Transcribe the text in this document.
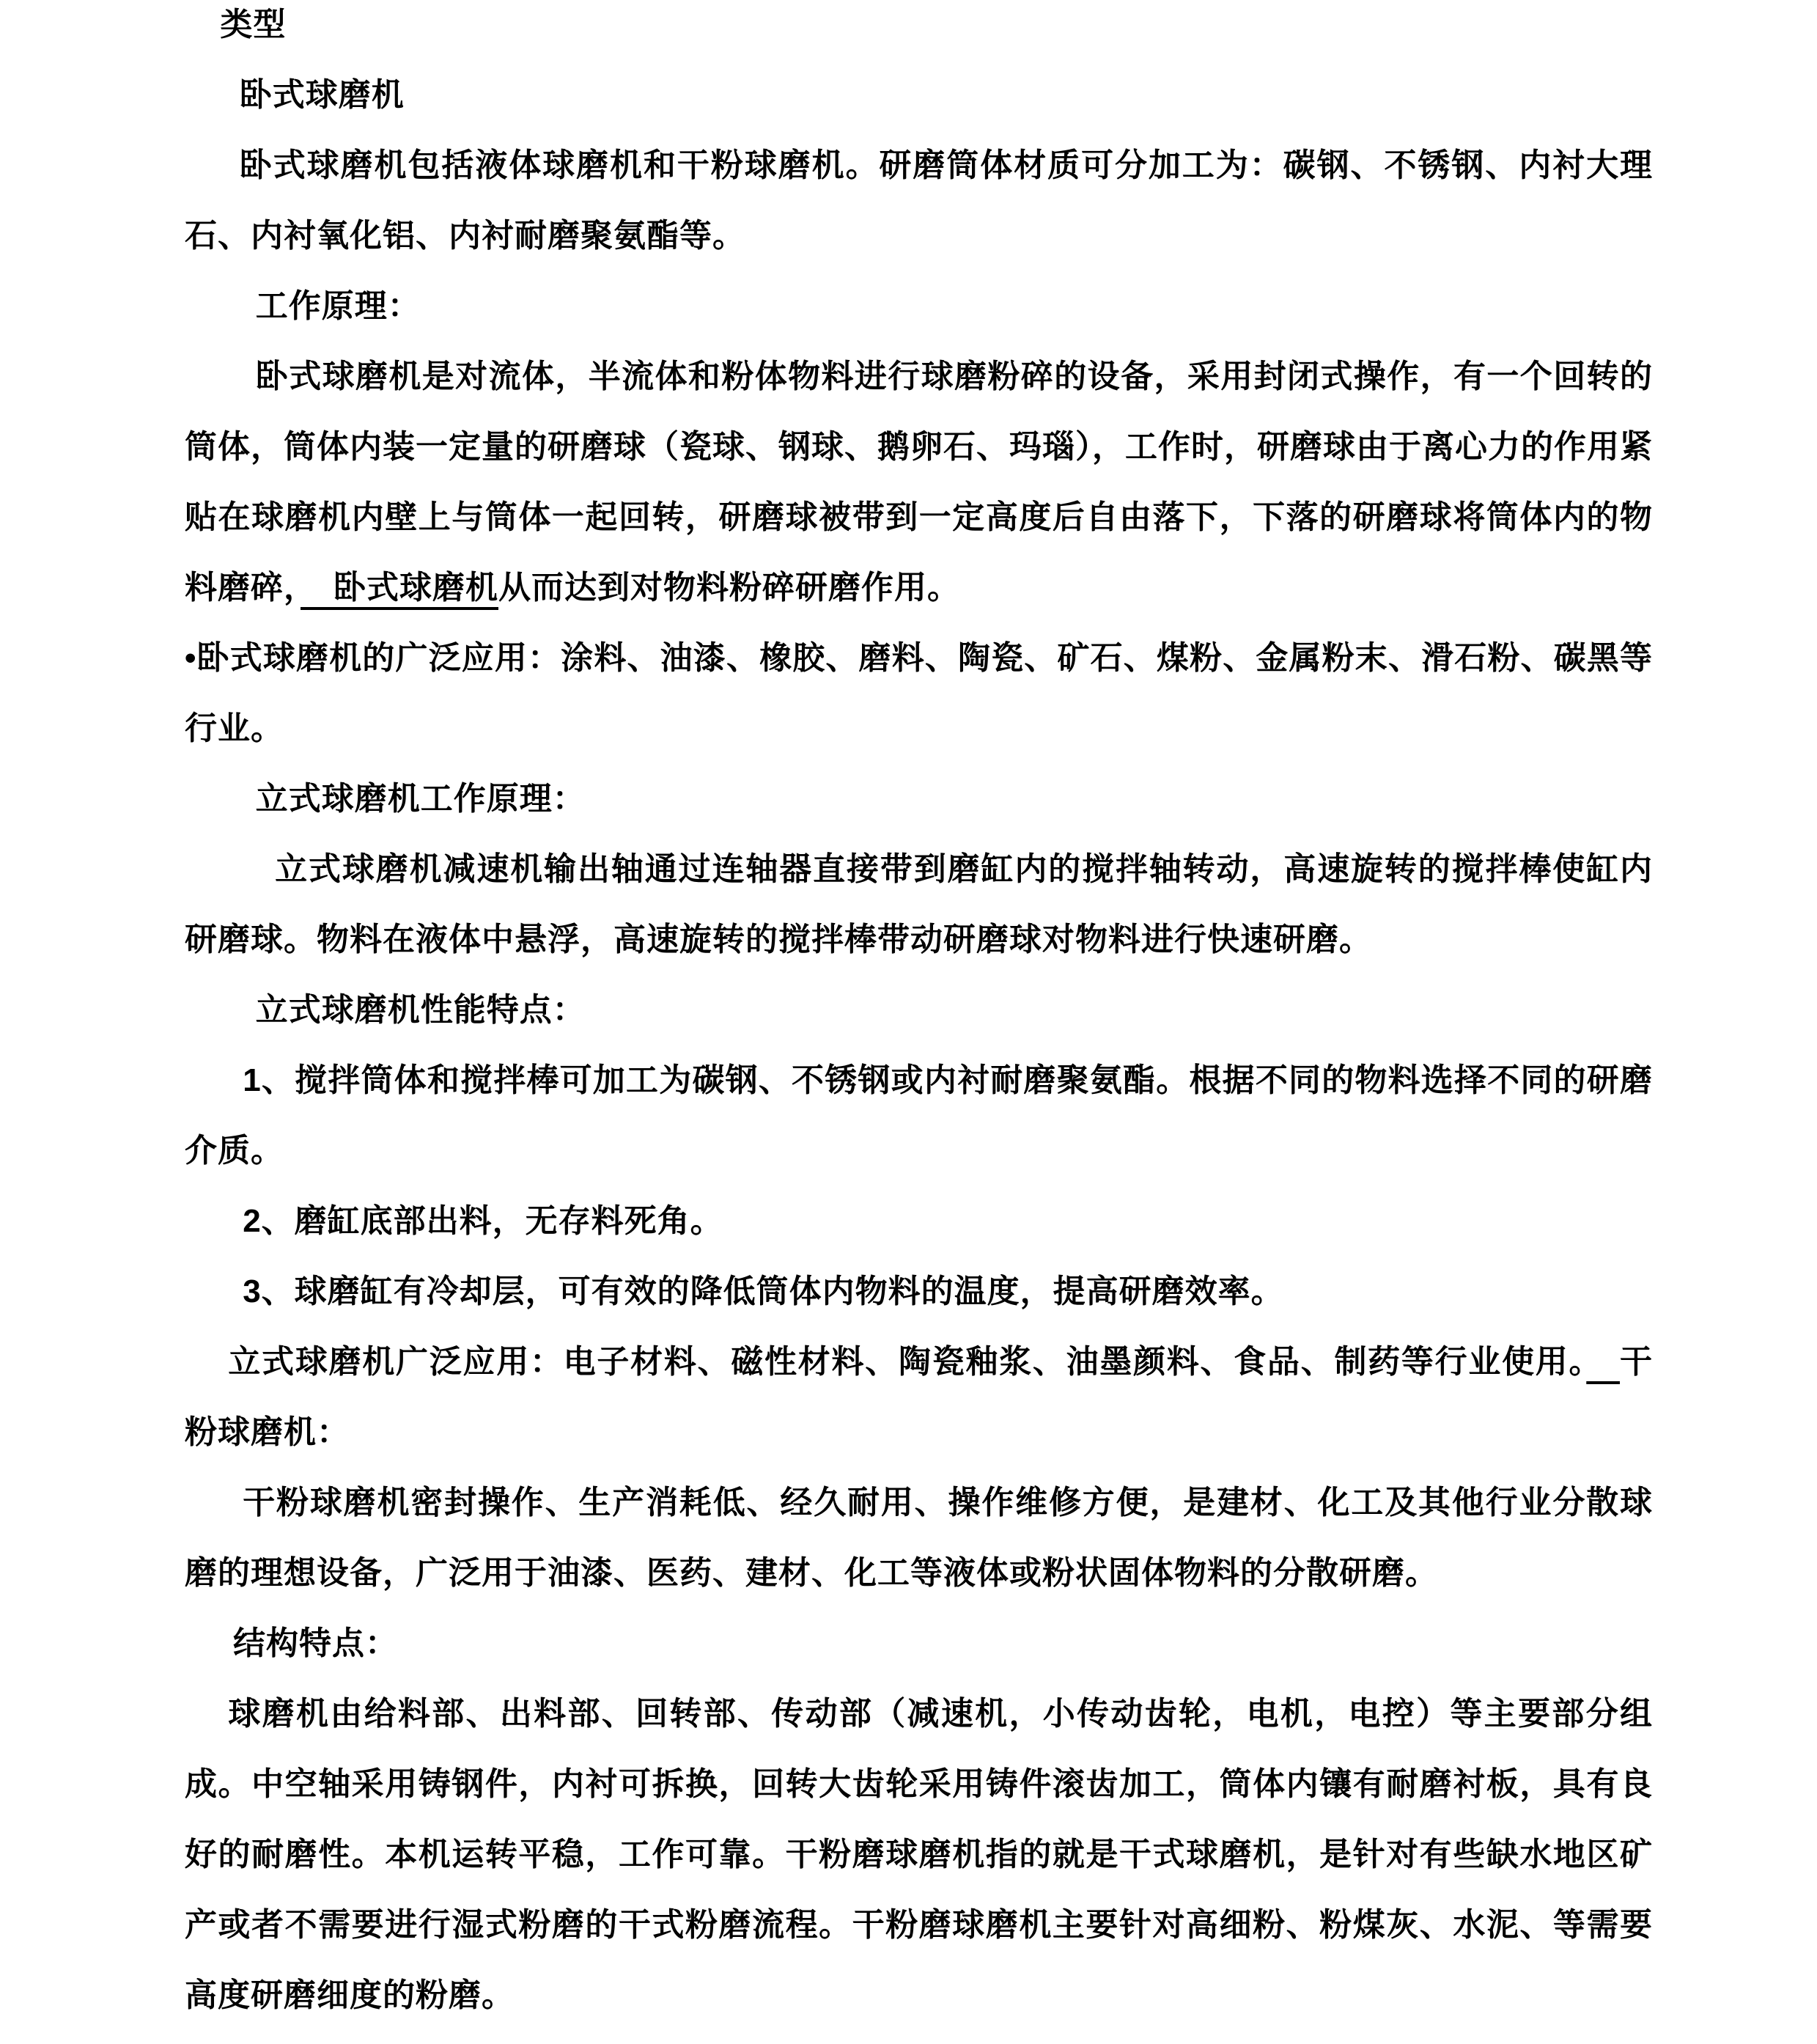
类型

卧式球磨机

卧式球磨机包括液体球磨机和干粉球磨机。研磨筒体材质可分加工为：碳钢、不锈钢、内衬大理石、内衬氧化铝、内衬耐磨聚氨酯等。

工作原理：

卧式球磨机是对流体，半流体和粉体物料进行球磨粉碎的设备，采用封闭式操作，有一个回转的筒体，筒体内装一定量的研磨球（瓷球、钢球、鹅卵石、玛瑙），工作时，研磨球由于离心力的作用紧贴在球磨机内壁上与筒体一起回转，研磨球被带到一定高度后自由落下，下落的研磨球将筒体内的物料磨碎，　卧式球磨机从而达到对物料粉碎研磨作用。

•卧式球磨机的广泛应用：涂料、油漆、橡胶、磨料、陶瓷、矿石、煤粉、金属粉末、滑石粉、碳黑等行业。

立式球磨机工作原理：

立式球磨机减速机输出轴通过连轴器直接带到磨缸内的搅拌轴转动，高速旋转的搅拌棒使缸内研磨球。物料在液体中悬浮，高速旋转的搅拌棒带动研磨球对物料进行快速研磨。

立式球磨机性能特点：

1、搅拌筒体和搅拌棒可加工为碳钢、不锈钢或内衬耐磨聚氨酯。根据不同的物料选择不同的研磨介质。

2、磨缸底部出料，无存料死角。

3、球磨缸有冷却层，可有效的降低筒体内物料的温度，提高研磨效率。

立式球磨机广泛应用：电子材料、磁性材料、陶瓷釉浆、油墨颜料、食品、制药等行业使用。　 干粉球磨机：

干粉球磨机密封操作、生产消耗低、经久耐用、操作维修方便，是建材、化工及其他行业分散球磨的理想设备，广泛用于油漆、医药、建材、化工等液体或粉状固体物料的分散研磨。

结构特点：

球磨机由给料部、出料部、回转部、传动部（减速机，小传动齿轮，电机，电控）等主要部分组成。中空轴采用铸钢件，内衬可拆换，回转大齿轮采用铸件滚齿加工，筒体内镶有耐磨衬板，具有良好的耐磨性。本机运转平稳，工作可靠。干粉磨球磨机指的就是干式球磨机，是针对有些缺水地区矿产或者不需要进行湿式粉磨的干式粉磨流程。干粉磨球磨机主要针对高细粉、粉煤灰、水泥、等需要高度研磨细度的粉磨。
